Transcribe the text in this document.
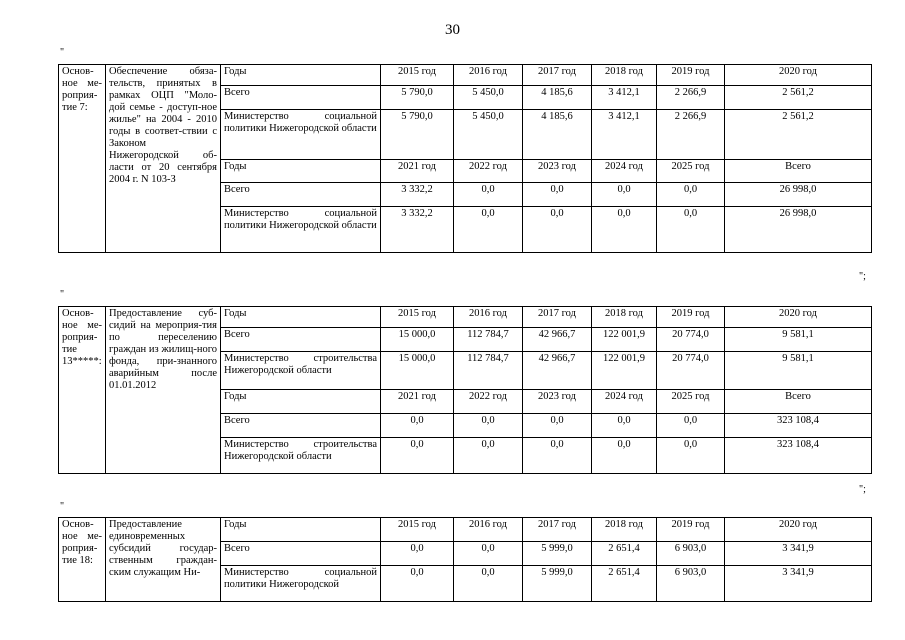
30
"
Основ-ное ме-роприя-тие 7:	Обеспечение обяза-тельств, принятых в рамках ОЦП "Моло-дой семье - доступ-ное жилье" на 2004 - 2010 годы в соответ-ствии с Законом Нижегородской об-ласти от 20 сентября 2004 г. N 103-З	Годы	2015 год	2016 год	2017 год	2018 год	2019 год	2020 год
		Всего	5 790,0	5 450,0	4 185,6	3 412,1	2 266,9	2 561,2
		Министерство социальной политики Нижегородской области	5 790,0	5 450,0	4 185,6	3 412,1	2 266,9	2 561,2
		Годы	2021 год	2022 год	2023 год	2024 год	2025 год	Всего
		Всего	3 332,2	0,0	0,0	0,0	0,0	26 998,0
		Министерство социальной политики Нижегородской области	3 332,2	0,0	0,0	0,0	0,0	26 998,0
";
"
Основ-ное ме-роприя-тие 13*****:	Предоставление суб-сидий на мероприя-тия по переселению граждан из жилищ-ного фонда, при-знанного аварийным после 01.01.2012	Годы	2015 год	2016 год	2017 год	2018 год	2019 год	2020 год
		Всего	15 000,0	112 784,7	42 966,7	122 001,9	20 774,0	9 581,1
		Министерство строительства Нижегородской области	15 000,0	112 784,7	42 966,7	122 001,9	20 774,0	9 581,1
		Годы	2021 год	2022 год	2023 год	2024 год	2025 год	Всего
		Всего	0,0	0,0	0,0	0,0	0,0	323 108,4
		Министерство строительства Нижегородской области	0,0	0,0	0,0	0,0	0,0	323 108,4
";
"
Основ-ное ме-роприя-тие 18:	Предоставление единовременных субсидий государ-ственным граждан-ским служащим Ни-	Годы	2015 год	2016 год	2017 год	2018 год	2019 год	2020 год
		Всего	0,0	0,0	5 999,0	2 651,4	6 903,0	3 341,9
		Министерство социальной политики Нижегородской	0,0	0,0	5 999,0	2 651,4	6 903,0	3 341,9
